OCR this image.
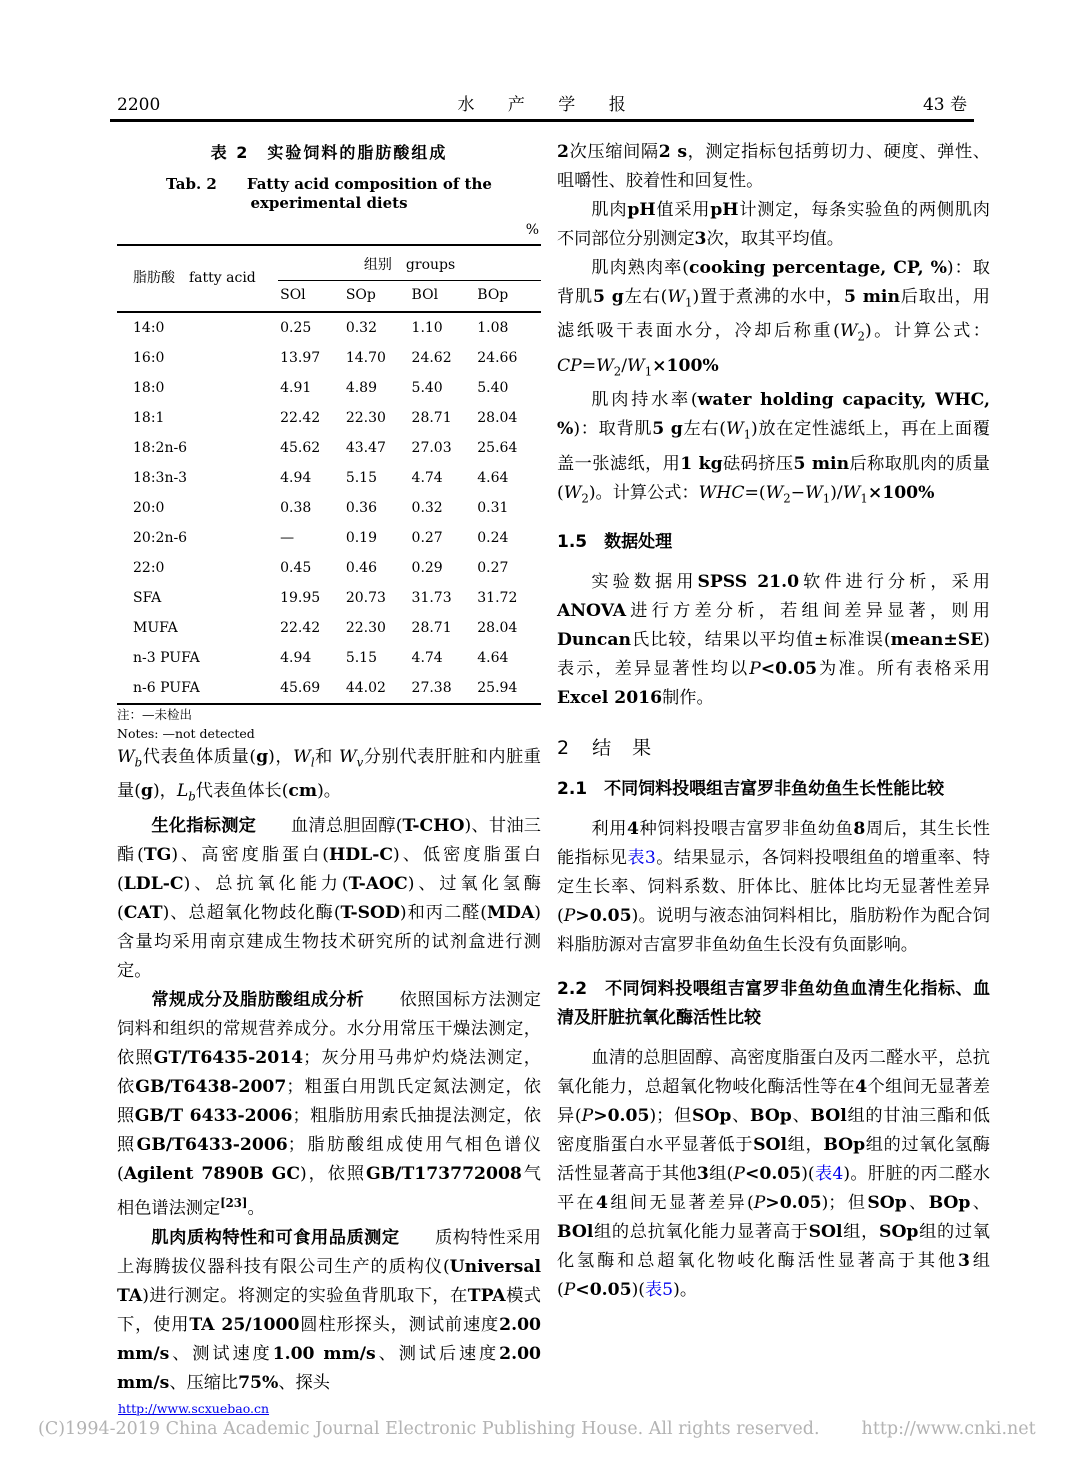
2200	水 产 学 报	43 卷
表 2　实验饲料的脂肪酸组成
Tab. 2　　Fatty acid composition of the experimental diets
%
脂肪酸　fatty acid	组别　groups			
	SOl	SOp	BOl	BOp
14:0	0.25	0.32	1.10	1.08
16:0	13.97	14.70	24.62	24.66
18:0	4.91	4.89	5.40	5.40
18:1	22.42	22.30	28.71	28.04
18:2n-6	45.62	43.47	27.03	25.64
18:3n-3	4.94	5.15	4.74	4.64
20:0	0.38	0.36	0.32	0.31
20:2n-6	—	0.19	0.27	0.24
22:0	0.45	0.46	0.29	0.27
SFA	19.95	20.73	31.73	31.72
MUFA	22.42	22.30	28.71	28.04
n-3 PUFA	4.94	5.15	4.74	4.64
n-6 PUFA	45.69	44.02	27.38	25.94
注：—未检出
Notes: —not detected

$W_b$代表鱼体质量(g)，$W_l$和 $W_v$分别代表肝脏和内脏重量(g)，$L_b$代表鱼体长(cm)。

生化指标测定　　血清总胆固醇(T-CHO)、甘油三酯(TG)、高密度脂蛋白(HDL-C)、低密度脂蛋白(LDL-C)、总抗氧化能力(T-AOC)、过氧化氢酶(CAT)、总超氧化物歧化酶(T-SOD)和丙二醛(MDA)含量均采用南京建成生物技术研究所的试剂盒进行测定。

常规成分及脂肪酸组成分析　　依照国标方法测定饲料和组织的常规营养成分。水分用常压干燥法测定，依照GT/T6435-2014；灰分用马弗炉灼烧法测定，依GB/T6438-2007；粗蛋白用凯氏定氮法测定，依照GB/T 6433-2006；粗脂肪用索氏抽提法测定，依照GB/T6433-2006；脂肪酸组成使用气相色谱仪(Agilent 7890B GC)，依照GB/T173772008气相色谱法测定[23]。

肌肉质构特性和可食用品质测定　　质构特性采用上海腾拔仪器科技有限公司生产的质构仪(Universal TA)进行测定。将测定的实验鱼背肌取下，在TPA模式下，使用TA 25/1000圆柱形探头，测试前速度2.00 mm/s、测试速度1.00 mm/s、测试后速度2.00 mm/s、压缩比75%、探头

2次压缩间隔2 s，测定指标包括剪切力、硬度、弹性、咀嚼性、胶着性和回复性。

肌肉pH值采用pH计测定，每条实验鱼的两侧肌肉不同部位分别测定3次，取其平均值。

肌肉熟肉率(cooking percentage, CP, %)：取背肌5 g左右$(W_1)$置于煮沸的水中，5 min后取出，用滤纸吸干表面水分，冷却后称重$(W_2)$。计算公式：$CP=W_2/W_1\times 100\%$

肌肉持水率(water holding capacity, WHC, %)：取背肌5 g左右$(W_1)$放在定性滤纸上，再在上面覆盖一张滤纸，用1 kg砝码挤压5 min后称取肌肉的质量$(W_2)$。计算公式：$WHC=(W_2-W_1)/W_1\times 100\%$

1.5　数据处理

实验数据用SPSS 21.0软件进行分析，采用ANOVA进行方差分析，若组间差异显著，则用Duncan氏比较，结果以平均值±标准误(mean±SE)表示，差异显著性均以P<0.05为准。所有表格采用Excel 2016制作。

2 结　果
2.1　不同饲料投喂组吉富罗非鱼幼鱼生长性能比较

利用4种饲料投喂吉富罗非鱼幼鱼8周后，其生长性能指标见表3。结果显示，各饲料投喂组鱼的增重率、特定生长率、饲料系数、肝体比、脏体比均无显著性差异(P>0.05)。说明与液态油饲料相比，脂肪粉作为配合饲料脂肪源对吉富罗非鱼幼鱼生长没有负面影响。

2.2　不同饲料投喂组吉富罗非鱼幼鱼血清生化指标、血清及肝脏抗氧化酶活性比较

血清的总胆固醇、高密度脂蛋白及丙二醛水平，总抗氧化能力，总超氧化物岐化酶活性等在4个组间无显著差异(P>0.05)；但SOp、BOp、BOl组的甘油三酯和低密度脂蛋白水平显著低于SOl组，BOp组的过氧化氢酶活性显著高于其他3组(P<0.05)(表4)。肝脏的丙二醛水平在4组间无显著差异(P>0.05)；但SOp、BOp、BOl组的总抗氧化能力显著高于SOl组，SOp组的过氧化氢酶和总超氧化物岐化酶活性显著高于其他3组(P<0.05)(表5)。

http://www.scxuebao.cn
(C)1994-2019 China Academic Journal Electronic Publishing House. All rights reserved. http://www.cnki.net
